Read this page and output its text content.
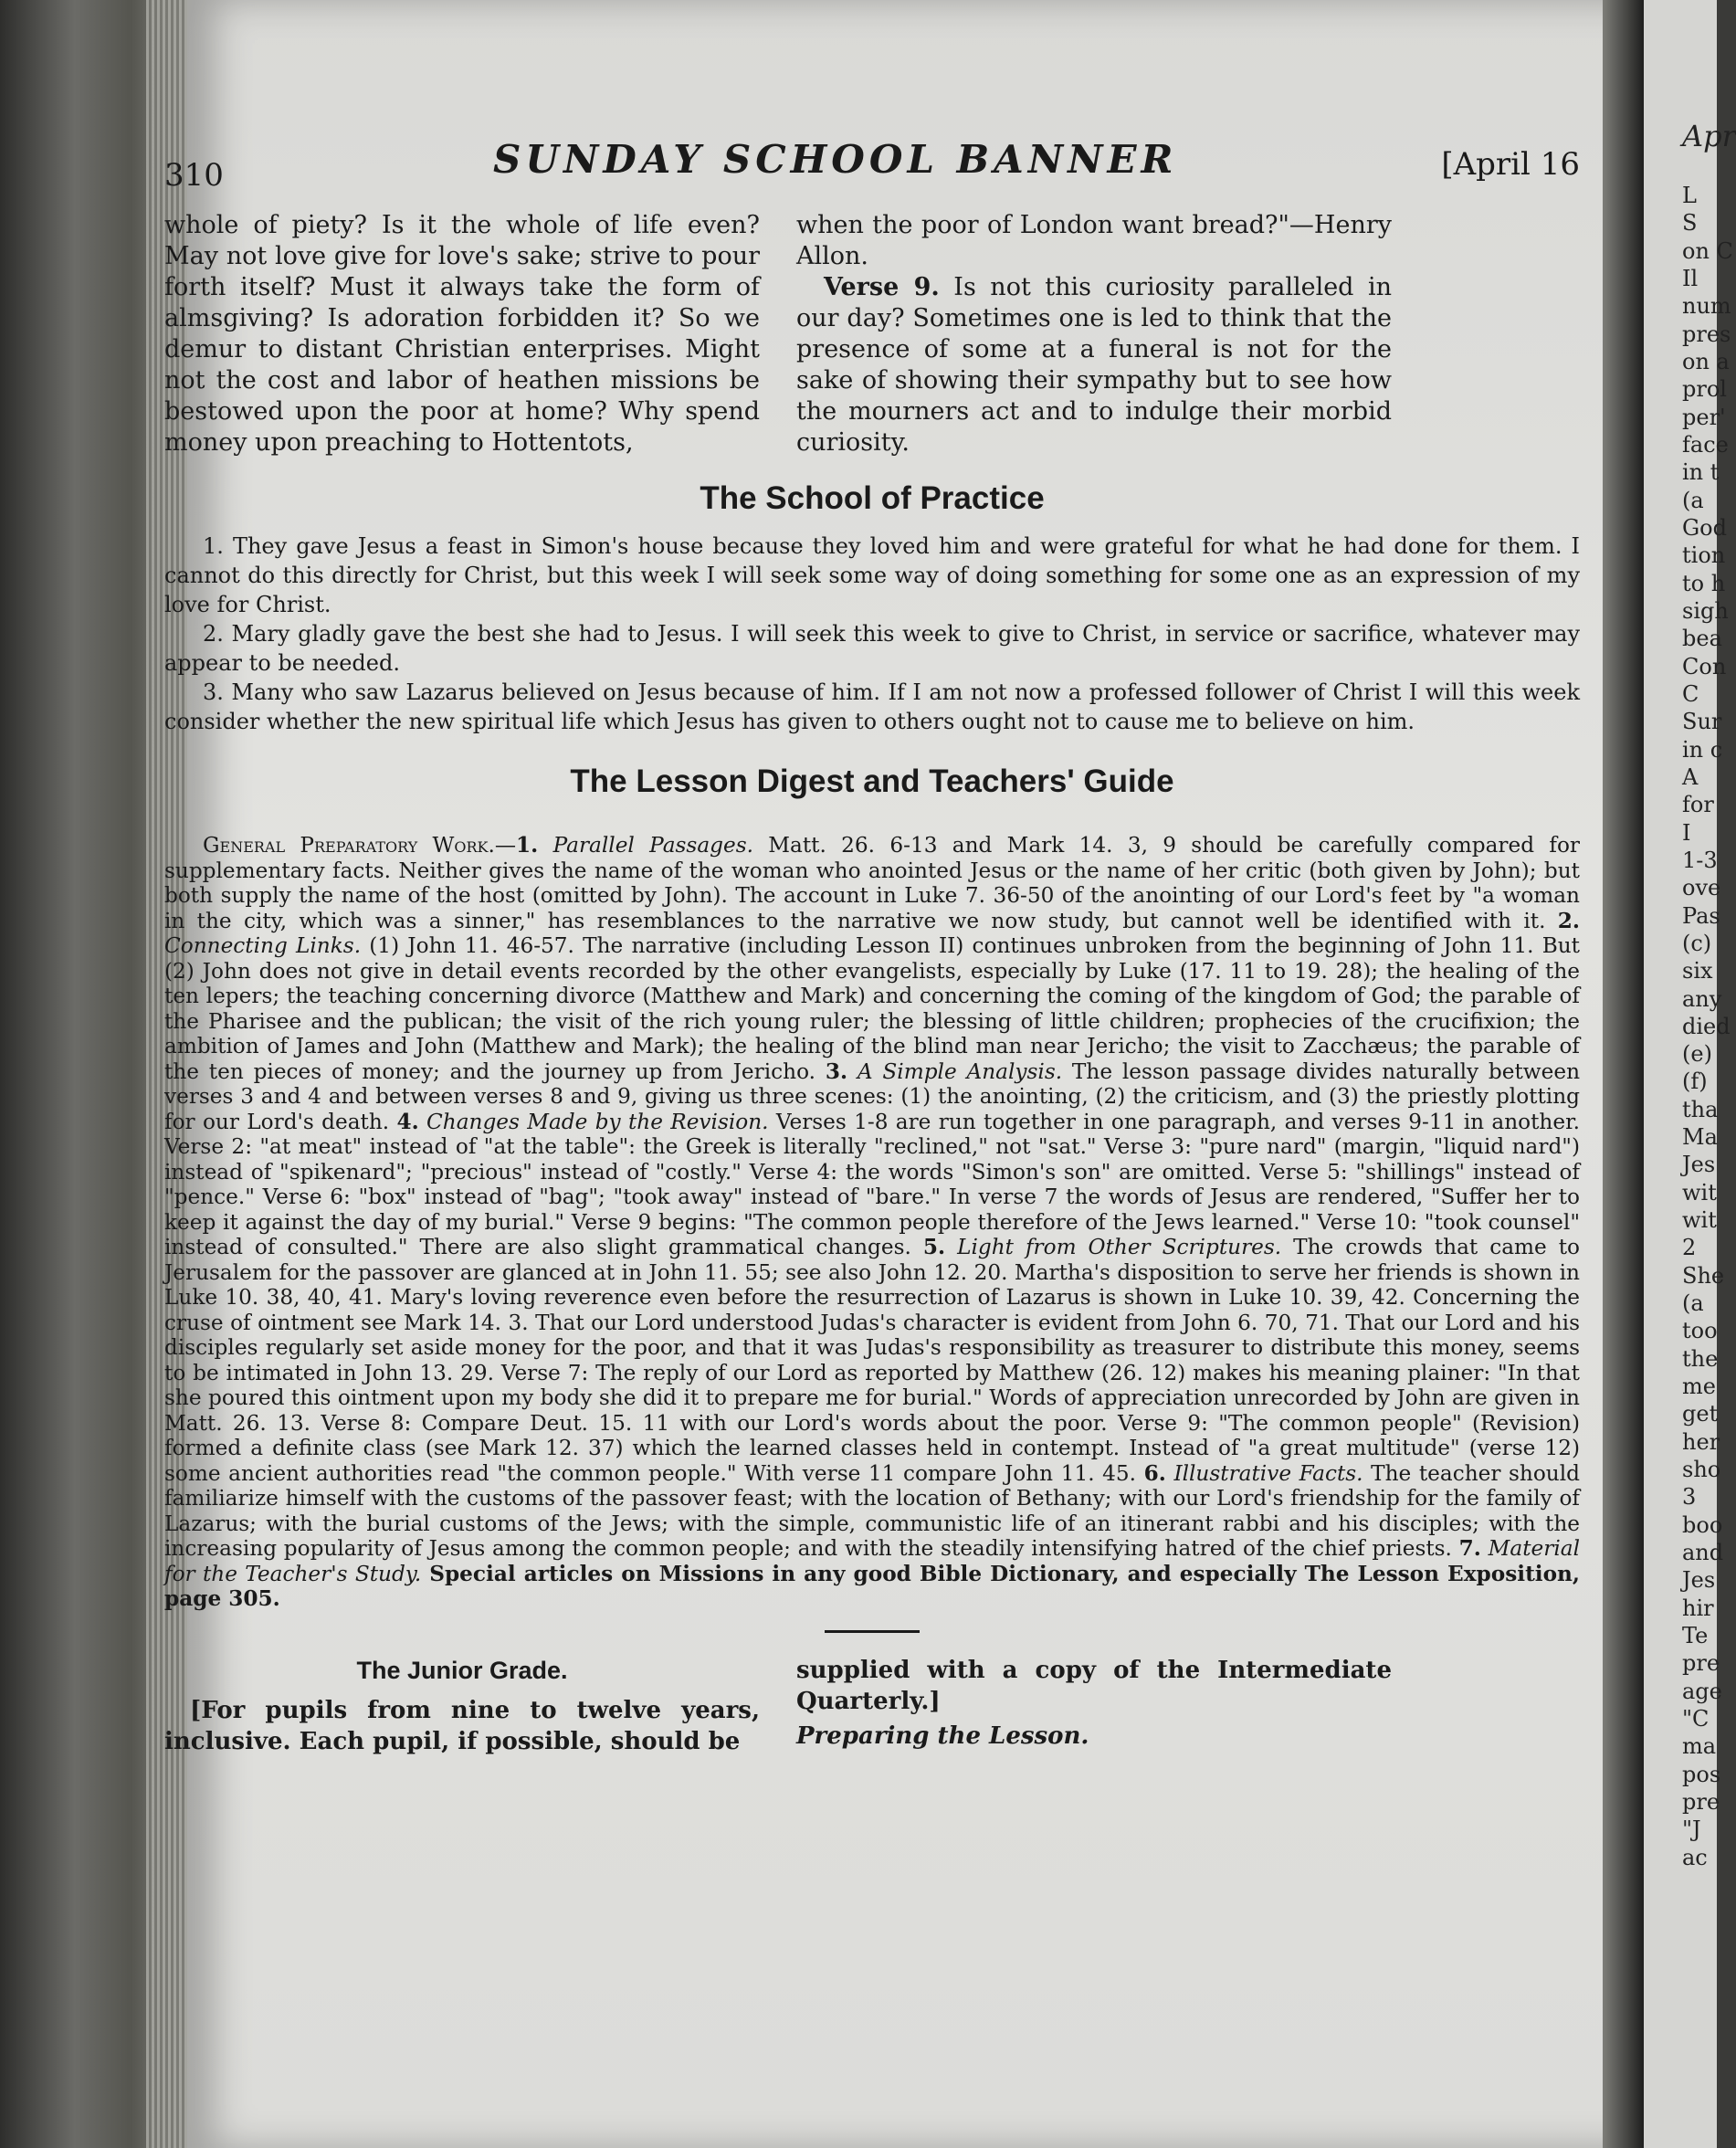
Apr
L
S
on C
Il
num
pres
on a
prol
per'
face
in t
(a
God
tion
to h
sigh
bea
Con
C
Sur
in c
A
for
I
1-3
ove
Pas
(c)
six
any
died
(e)
(f)
tha
Ma
Jes
wit
wit
2
She
(a
too
the
me
get
her
sho
3
boo
and
Jes
hir
Te
pre
age
"C
ma
pos
pre
"J
ac
310	SUNDAY SCHOOL BANNER	[April 16

whole of piety? Is it the whole of life even? May not love give for love's sake; strive to pour forth itself? Must it always take the form of almsgiving? Is adoration forbidden it? So we demur to distant Christian enterprises. Might not the cost and labor of heathen missions be bestowed upon the poor at home? Why spend money upon preaching to Hottentots,

when the poor of London want bread?"—Henry Allon.

Verse 9. Is not this curiosity paralleled in our day? Sometimes one is led to think that the presence of some at a funeral is not for the sake of showing their sympathy but to see how the mourners act and to indulge their morbid curiosity.

The School of Practice

1. They gave Jesus a feast in Simon's house because they loved him and were grateful for what he had done for them. I cannot do this directly for Christ, but this week I will seek some way of doing something for some one as an expression of my love for Christ.

2. Mary gladly gave the best she had to Jesus. I will seek this week to give to Christ, in service or sacrifice, whatever may appear to be needed.

3. Many who saw Lazarus believed on Jesus because of him. If I am not now a professed follower of Christ I will this week consider whether the new spiritual life which Jesus has given to others ought not to cause me to believe on him.

The Lesson Digest and Teachers' Guide

General Preparatory Work.—1. Parallel Passages. Matt. 26. 6-13 and Mark 14. 3, 9 should be carefully compared for supplementary facts. Neither gives the name of the woman who anointed Jesus or the name of her critic (both given by John); but both supply the name of the host (omitted by John). The account in Luke 7. 36-50 of the anointing of our Lord's feet by "a woman in the city, which was a sinner," has resemblances to the narrative we now study, but cannot well be identified with it. 2. Connecting Links. (1) John 11. 46-57. The narrative (including Lesson II) continues unbroken from the beginning of John 11. But (2) John does not give in detail events recorded by the other evangelists, especially by Luke (17. 11 to 19. 28); the healing of the ten lepers; the teaching concerning divorce (Matthew and Mark) and concerning the coming of the kingdom of God; the parable of the Pharisee and the publican; the visit of the rich young ruler; the blessing of little children; prophecies of the crucifixion; the ambition of James and John (Matthew and Mark); the healing of the blind man near Jericho; the visit to Zacchæus; the parable of the ten pieces of money; and the journey up from Jericho. 3. A Simple Analysis. The lesson passage divides naturally between verses 3 and 4 and between verses 8 and 9, giving us three scenes: (1) the anointing, (2) the criticism, and (3) the priestly plotting for our Lord's death. 4. Changes Made by the Revision. Verses 1-8 are run together in one paragraph, and verses 9-11 in another. Verse 2: "at meat" instead of "at the table": the Greek is literally "reclined," not "sat." Verse 3: "pure nard" (margin, "liquid nard") instead of "spikenard"; "precious" instead of "costly." Verse 4: the words "Simon's son" are omitted. Verse 5: "shillings" instead of "pence." Verse 6: "box" instead of "bag"; "took away" instead of "bare." In verse 7 the words of Jesus are rendered, "Suffer her to keep it against the day of my burial." Verse 9 begins: "The common people therefore of the Jews learned." Verse 10: "took counsel" instead of consulted." There are also slight grammatical changes. 5. Light from Other Scriptures. The crowds that came to Jerusalem for the passover are glanced at in John 11. 55; see also John 12. 20. Martha's disposition to serve her friends is shown in Luke 10. 38, 40, 41. Mary's loving reverence even before the resurrection of Lazarus is shown in Luke 10. 39, 42. Concerning the cruse of ointment see Mark 14. 3. That our Lord understood Judas's character is evident from John 6. 70, 71. That our Lord and his disciples regularly set aside money for the poor, and that it was Judas's responsibility as treasurer to distribute this money, seems to be intimated in John 13. 29. Verse 7: The reply of our Lord as reported by Matthew (26. 12) makes his meaning plainer: "In that she poured this ointment upon my body she did it to prepare me for burial." Words of appreciation unrecorded by John are given in Matt. 26. 13. Verse 8: Compare Deut. 15. 11 with our Lord's words about the poor. Verse 9: "The common people" (Revision) formed a definite class (see Mark 12. 37) which the learned classes held in contempt. Instead of "a great multitude" (verse 12) some ancient authorities read "the common people." With verse 11 compare John 11. 45. 6. Illustrative Facts. The teacher should familiarize himself with the customs of the passover feast; with the location of Bethany; with our Lord's friendship for the family of Lazarus; with the burial customs of the Jews; with the simple, communistic life of an itinerant rabbi and his disciples; with the increasing popularity of Jesus among the common people; and with the steadily intensifying hatred of the chief priests. 7. Material for the Teacher's Study. Special articles on Missions in any good Bible Dictionary, and especially The Lesson Exposition, page 305.

The Junior Grade.

[For pupils from nine to twelve years, inclusive. Each pupil, if possible, should be

supplied with a copy of the Intermediate Quarterly.]

Preparing the Lesson.
